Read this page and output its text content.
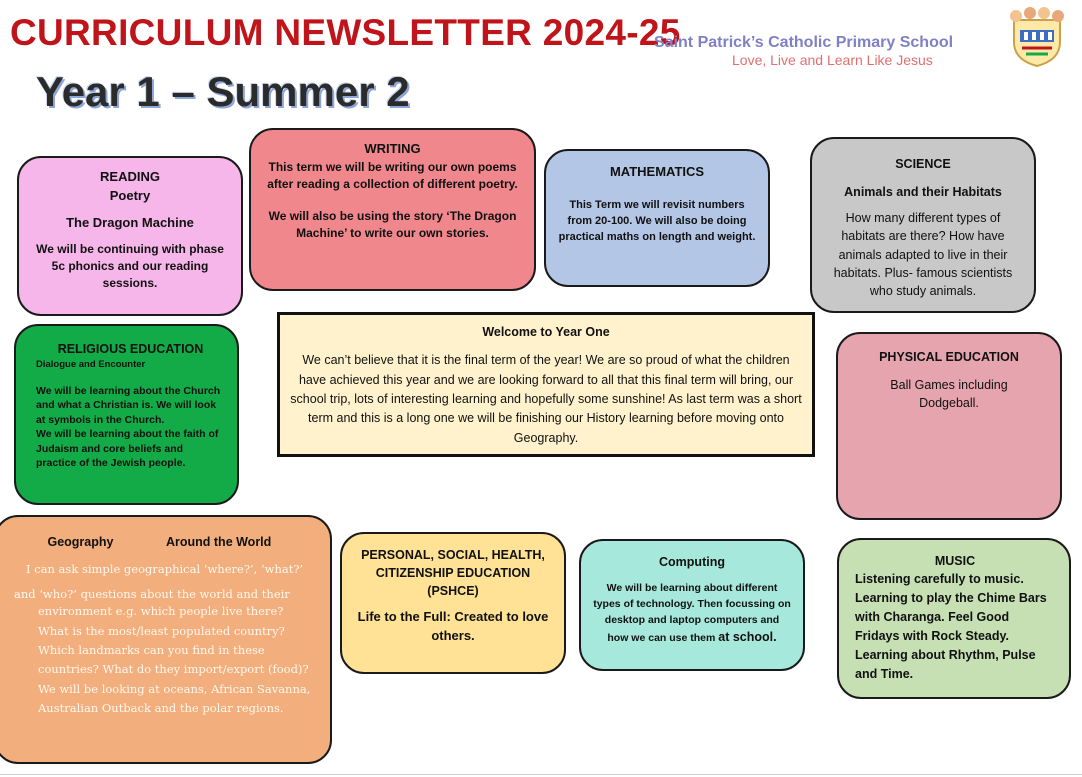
CURRICULUM NEWSLETTER 2024-25
Year 1 – Summer 2
Saint Patrick’s Catholic Primary School
Love, Live and Learn Like Jesus

READING

Poetry

The Dragon Machine

We will be continuing with phase 5c phonics and our reading sessions.

WRITING

This term we will be writing our own poems after reading a collection of different poetry.

We will also be using the story ‘The Dragon Machine’ to write our own stories.

MATHEMATICS

This Term we will revisit numbers from 20-100. We will also be doing practical maths on length and weight.

SCIENCE

Animals and their Habitats

How many different types of habitats are there? How have animals adapted to live in their habitats. Plus- famous scientists who study animals.

RELIGIOUS EDUCATION

Dialogue and Encounter

We will be learning about the Church and what a Christian is. We will look at symbols in the Church.

We will be learning about the faith of Judaism and core beliefs and practice of the Jewish people.

Welcome to Year One

We can’t believe that it is the final term of the year! We are so proud of what the children have achieved this year and we are looking forward to all that this final term will bring, our school trip, lots of interesting learning and hopefully some sunshine! As last term was a short term and this is a long one we will be finishing our History learning before moving onto Geography.

PHYSICAL EDUCATION

Ball Games including Dodgeball.

Geography	Around the World

I can ask simple geographical ‘where?’, ‘what?’

and ‘who?’ questions about the world and their

environment e.g. which people live there? What is the most/least populated country? Which landmarks can you find in these countries? What do they import/export (food)? We will be looking at oceans, African Savanna, Australian Outback and the polar regions.

PERSONAL, SOCIAL, HEALTH, CITIZENSHIP EDUCATION (PSHCE)

Life to the Full: Created to love others.

Computing

We will be learning about different types of technology. Then focussing on desktop and laptop computers and how we can use them at school.

MUSIC

Listening carefully to music. Learning to play the Chime Bars with Charanga. Feel Good Fridays with Rock Steady. Learning about Rhythm, Pulse and Time.
